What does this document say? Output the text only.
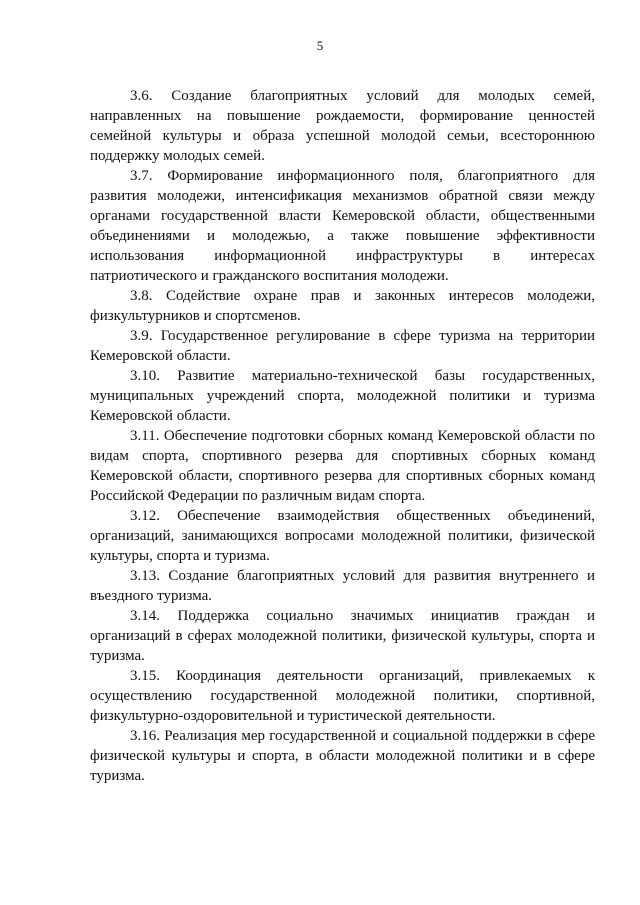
5

3.6. Создание благоприятных условий для молодых семей, направленных на повышение рождаемости, формирование ценностей семейной культуры и образа успешной молодой семьи, всестороннюю поддержку молодых семей.

3.7. Формирование информационного поля, благоприятного для развития молодежи, интенсификация механизмов обратной связи между органами государственной власти Кемеровской области, общественными объединениями и молодежью, а также повышение эффективности использования информационной инфраструктуры в интересах патриотического и гражданского воспитания молодежи.

3.8. Содействие охране прав и законных интересов молодежи, физкультурников и спортсменов.

3.9. Государственное регулирование в сфере туризма на территории Кемеровской области.

3.10. Развитие материально-технической базы государственных, муниципальных учреждений спорта, молодежной политики и туризма Кемеровской области.

3.11. Обеспечение подготовки сборных команд Кемеровской области по видам спорта, спортивного резерва для спортивных сборных команд Кемеровской области, спортивного резерва для спортивных сборных команд Российской Федерации по различным видам спорта.

3.12. Обеспечение взаимодействия общественных объединений, организаций, занимающихся вопросами молодежной политики, физической культуры, спорта и туризма.

3.13. Создание благоприятных условий для развития внутреннего и въездного туризма.

3.14. Поддержка социально значимых инициатив граждан и организаций в сферах молодежной политики, физической культуры, спорта и туризма.

3.15. Координация деятельности организаций, привлекаемых к осуществлению государственной молодежной политики, спортивной, физкультурно-оздоровительной и туристической деятельности.

3.16. Реализация мер государственной и социальной поддержки в сфере физической культуры и спорта, в области молодежной политики и в сфере туризма.
